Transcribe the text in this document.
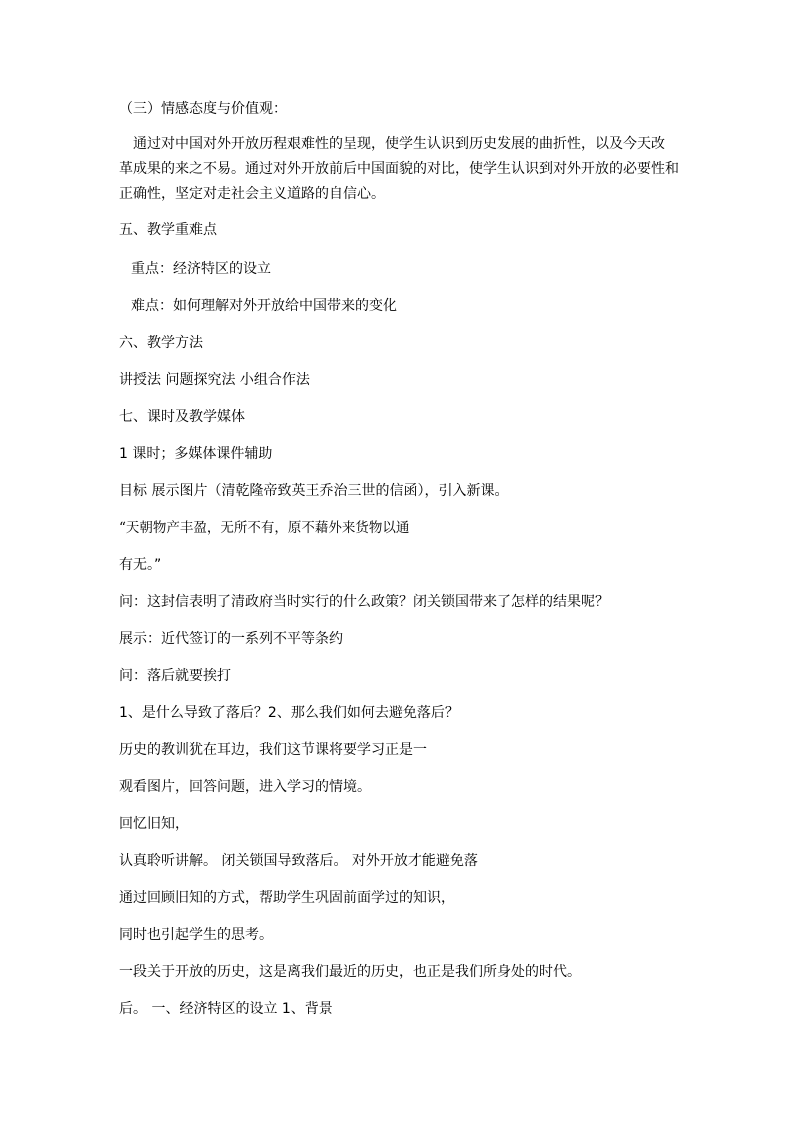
（三）情感态度与价值观：
通过对中国对外开放历程艰难性的呈现，使学生认识到历史发展的曲折性，以及今天改
革成果的来之不易。通过对外开放前后中国面貌的对比，使学生认识到对外开放的必要性和
正确性，坚定对走社会主义道路的自信心。
五、教学重难点
重点：经济特区的设立
难点：如何理解对外开放给中国带来的变化
六、教学方法
讲授法 问题探究法 小组合作法
七、课时及教学媒体
1 课时；多媒体课件辅助
目标 展示图片（清乾隆帝致英王乔治三世的信函），引入新课。
“天朝物产丰盈，无所不有，原不藉外来货物以通
有无。”
问：这封信表明了清政府当时实行的什么政策？闭关锁国带来了怎样的结果呢？
展示：近代签订的一系列不平等条约
问：落后就要挨打
1、是什么导致了落后？2、那么我们如何去避免落后？
历史的教训犹在耳边，我们这节课将要学习正是一
观看图片，回答问题，进入学习的情境。
回忆旧知，
认真聆听讲解。 闭关锁国导致落后。 对外开放才能避免落
通过回顾旧知的方式，帮助学生巩固前面学过的知识，
同时也引起学生的思考。
一段关于开放的历史，这是离我们最近的历史，也正是我们所身处的时代。
后。 一、经济特区的设立 1、背景
